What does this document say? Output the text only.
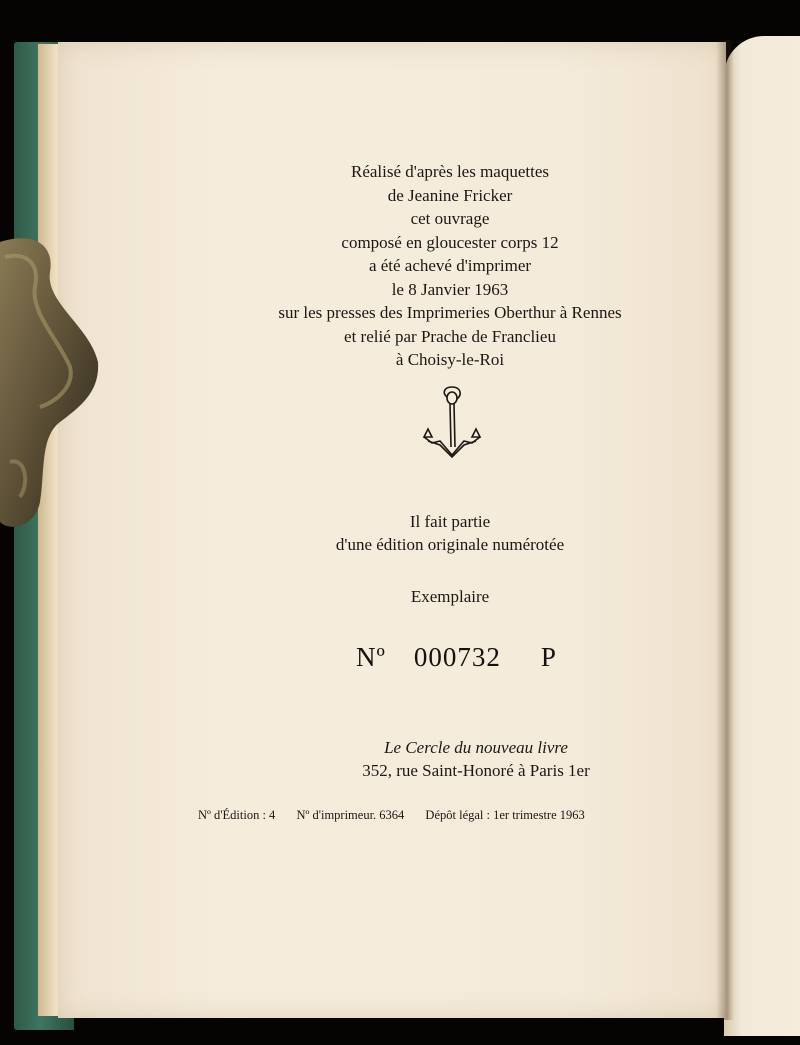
Réalisé d'après les maquettes
de Jeanine Fricker
cet ouvrage
composé en gloucester corps 12
a été achevé d'imprimer
le 8 Janvier 1963
sur les presses des Imprimeries Oberthur à Rennes
et relié par Prache de Franclieu
à Choisy-le-Roi
Il fait partie
d'une édition originale numérotée
Exemplaire
Nº 000732 P
Le Cercle du nouveau livre
352, rue Saint-Honoré à Paris 1er
Nº d'Édition : 4 Nº d'imprimeur. 6364 Dépôt légal : 1er trimestre 1963
